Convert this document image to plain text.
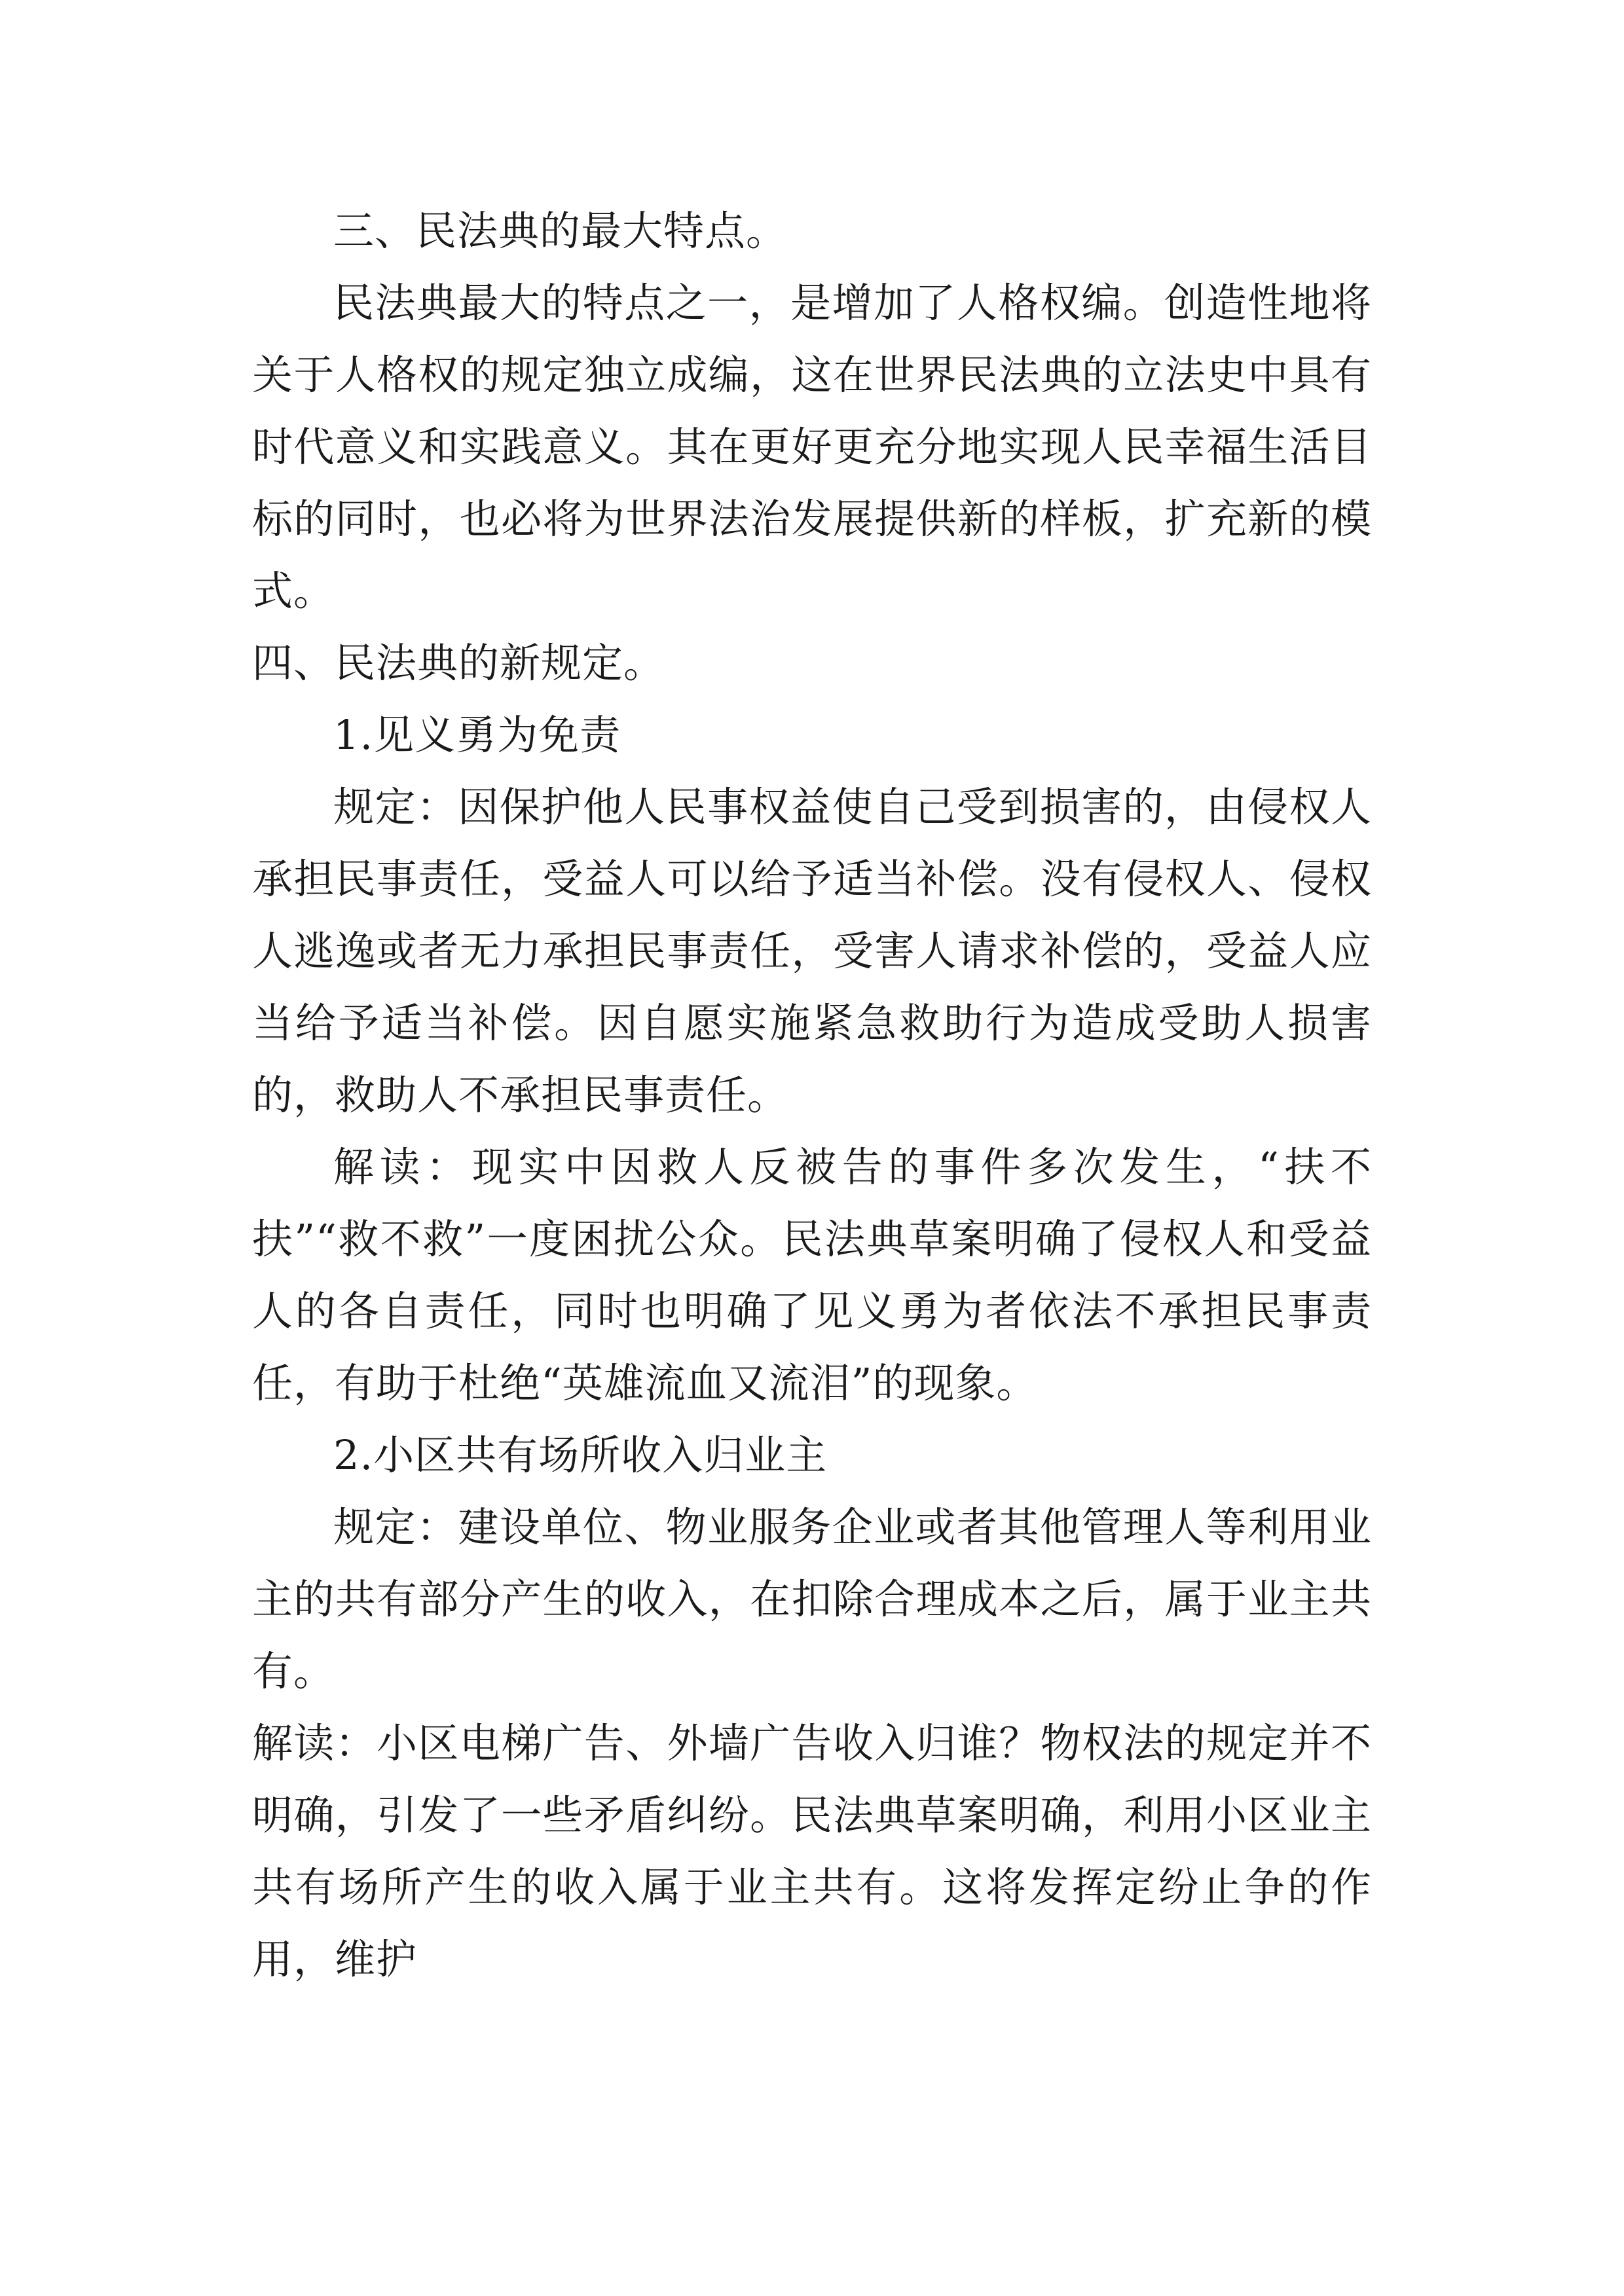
三、民法典的最大特点。

民法典最大的特点之一，是增加了人格权编。创造性地将关于人格权的规定独立成编，这在世界民法典的立法史中具有时代意义和实践意义。其在更好更充分地实现人民幸福生活目标的同时，也必将为世界法治发展提供新的样板，扩充新的模式。

四、民法典的新规定。

1.见义勇为免责

规定：因保护他人民事权益使自己受到损害的，由侵权人承担民事责任，受益人可以给予适当补偿。没有侵权人、侵权人逃逸或者无力承担民事责任，受害人请求补偿的，受益人应当给予适当补偿。因自愿实施紧急救助行为造成受助人损害的，救助人不承担民事责任。

解读：现实中因救人反被告的事件多次发生，“扶不扶”“救不救”一度困扰公众。民法典草案明确了侵权人和受益人的各自责任，同时也明确了见义勇为者依法不承担民事责任，有助于杜绝“英雄流血又流泪”的现象。

2.小区共有场所收入归业主

规定：建设单位、物业服务企业或者其他管理人等利用业主的共有部分产生的收入，在扣除合理成本之后，属于业主共有。

解读：小区电梯广告、外墙广告收入归谁？物权法的规定并不明确，引发了一些矛盾纠纷。民法典草案明确，利用小区业主共有场所产生的收入属于业主共有。这将发挥定纷止争的作用，维护
